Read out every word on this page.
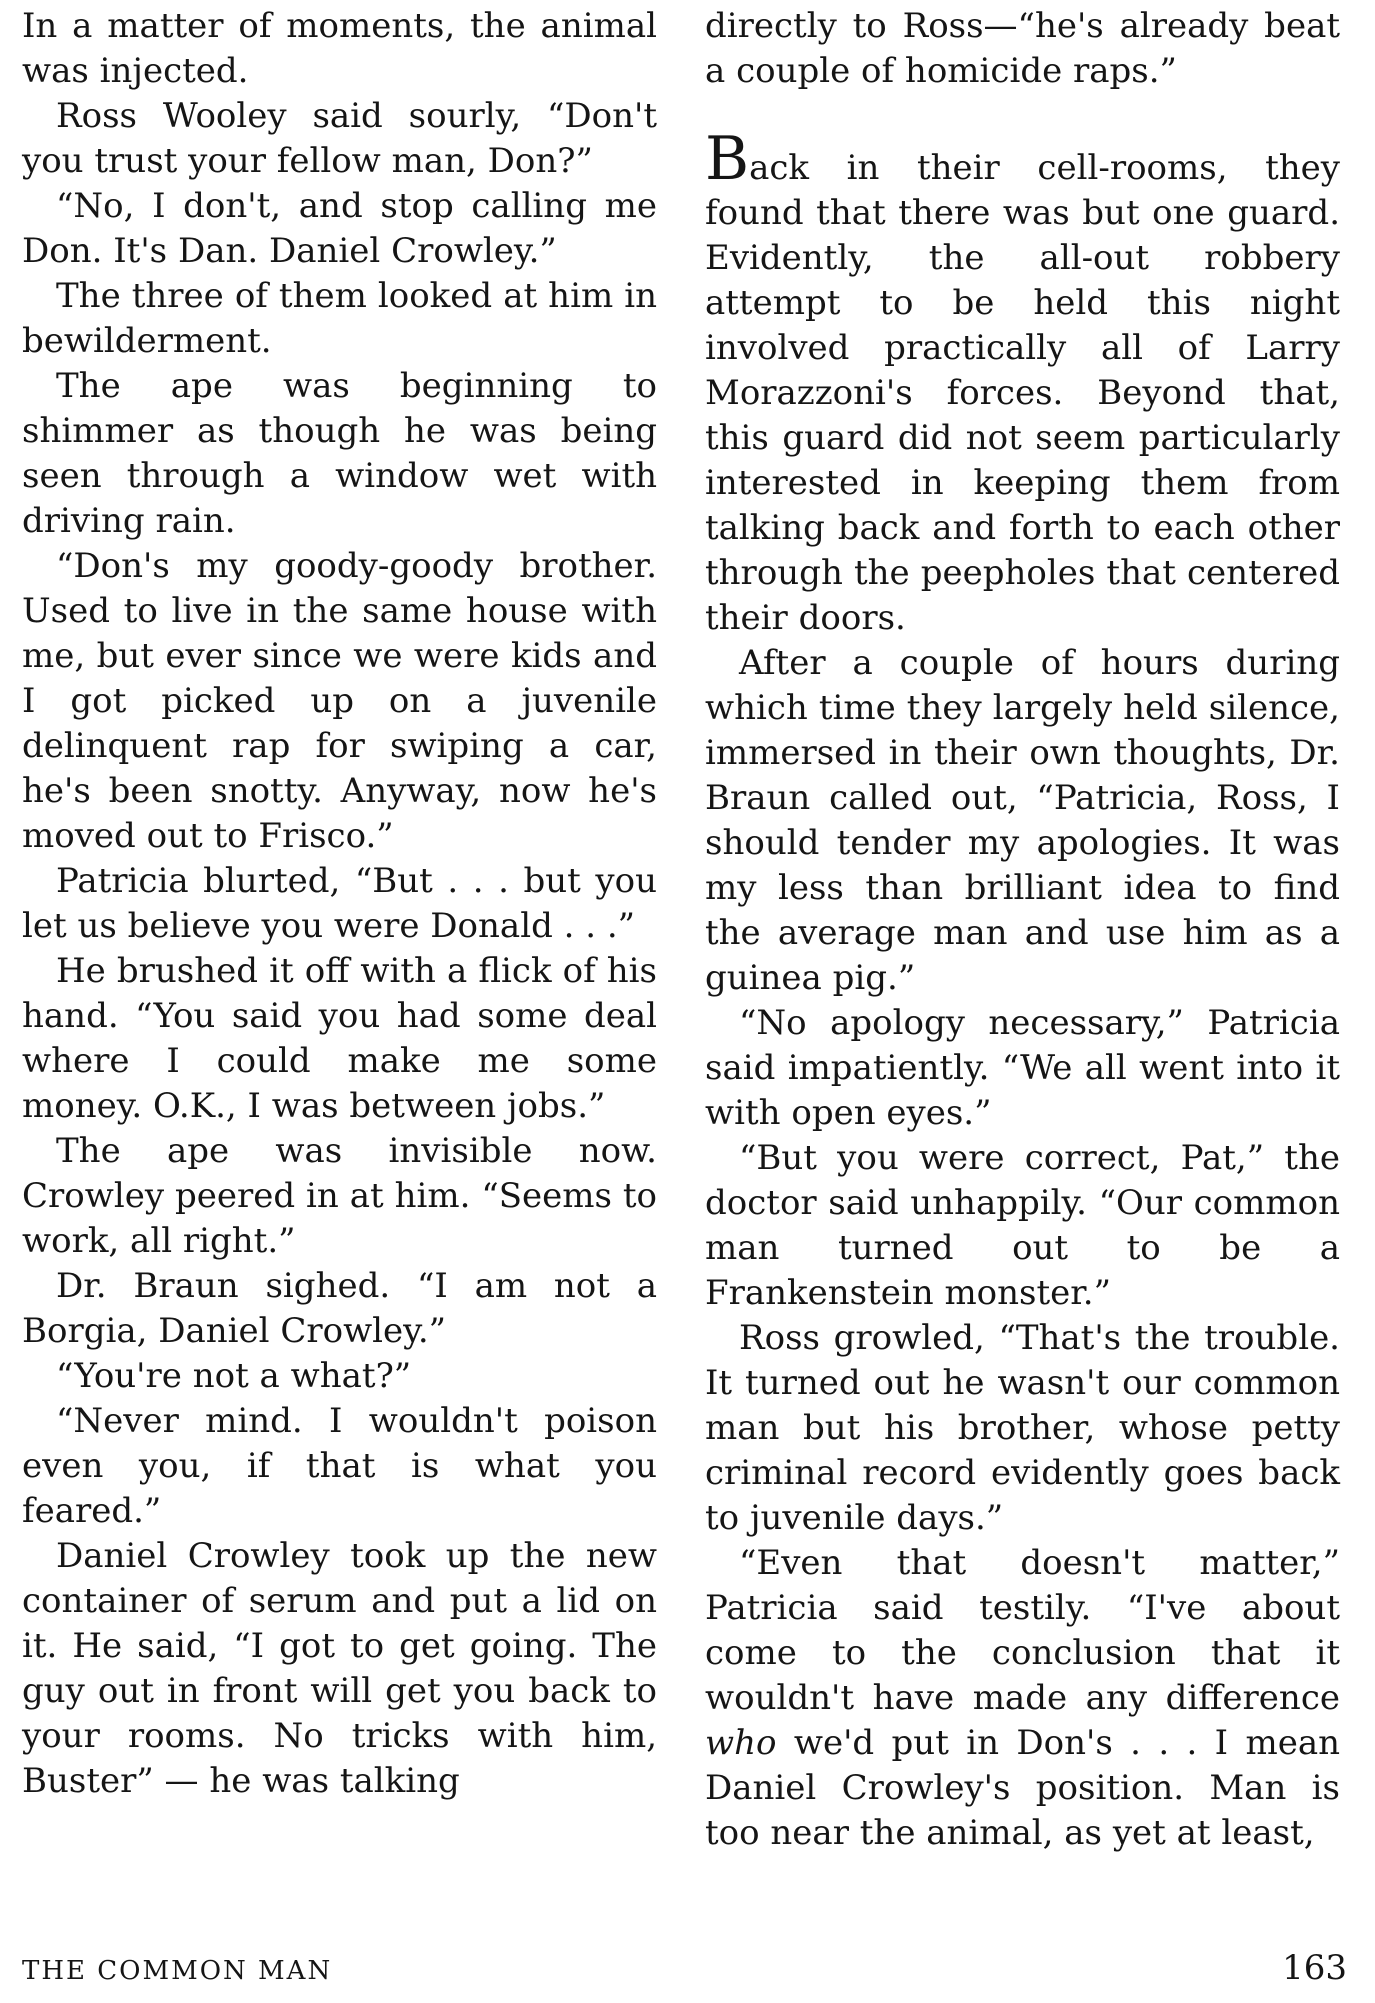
In a matter of moments, the animal was injected.

Ross Wooley said sourly, “Don't you trust your fellow man, Don?”

“No, I don't, and stop calling me Don. It's Dan. Daniel Crowley.”

The three of them looked at him in bewilderment.

The ape was beginning to shimmer as though he was being seen through a window wet with driving rain.

“Don's my goody-goody brother. Used to live in the same house with me, but ever since we were kids and I got picked up on a juvenile delinquent rap for swiping a car, he's been snotty. Anyway, now he's moved out to Frisco.”

Patricia blurted, “But . . . but you let us believe you were Donald . . .”

He brushed it off with a flick of his hand. “You said you had some deal where I could make me some money. O.K., I was between jobs.”

The ape was invisible now. Crowley peered in at him. “Seems to work, all right.”

Dr. Braun sighed. “I am not a Borgia, Daniel Crowley.”

“You're not a what?”

“Never mind. I wouldn't poison even you, if that is what you feared.”

Daniel Crowley took up the new container of serum and put a lid on it. He said, “I got to get going. The guy out in front will get you back to your rooms. No tricks with him, Buster” — he was talking

directly to Ross—“he's already beat a couple of homicide raps.”

Back in their cell-rooms, they found that there was but one guard. Evidently, the all-out robbery attempt to be held this night involved practically all of Larry Morazzoni's forces. Beyond that, this guard did not seem particularly interested in keeping them from talking back and forth to each other through the peepholes that centered their doors.

After a couple of hours during which time they largely held silence, immersed in their own thoughts, Dr. Braun called out, “Patricia, Ross, I should tender my apologies. It was my less than brilliant idea to find the average man and use him as a guinea pig.”

“No apology necessary,” Patricia said impatiently. “We all went into it with open eyes.”

“But you were correct, Pat,” the doctor said unhappily. “Our common man turned out to be a Frankenstein monster.”

Ross growled, “That's the trouble. It turned out he wasn't our common man but his brother, whose petty criminal record evidently goes back to juvenile days.”

“Even that doesn't matter,” Patricia said testily. “I've about come to the conclusion that it wouldn't have made any difference who we'd put in Don's . . . I mean Daniel Crowley's position. Man is too near the animal, as yet at least,

THE COMMON MAN	163
